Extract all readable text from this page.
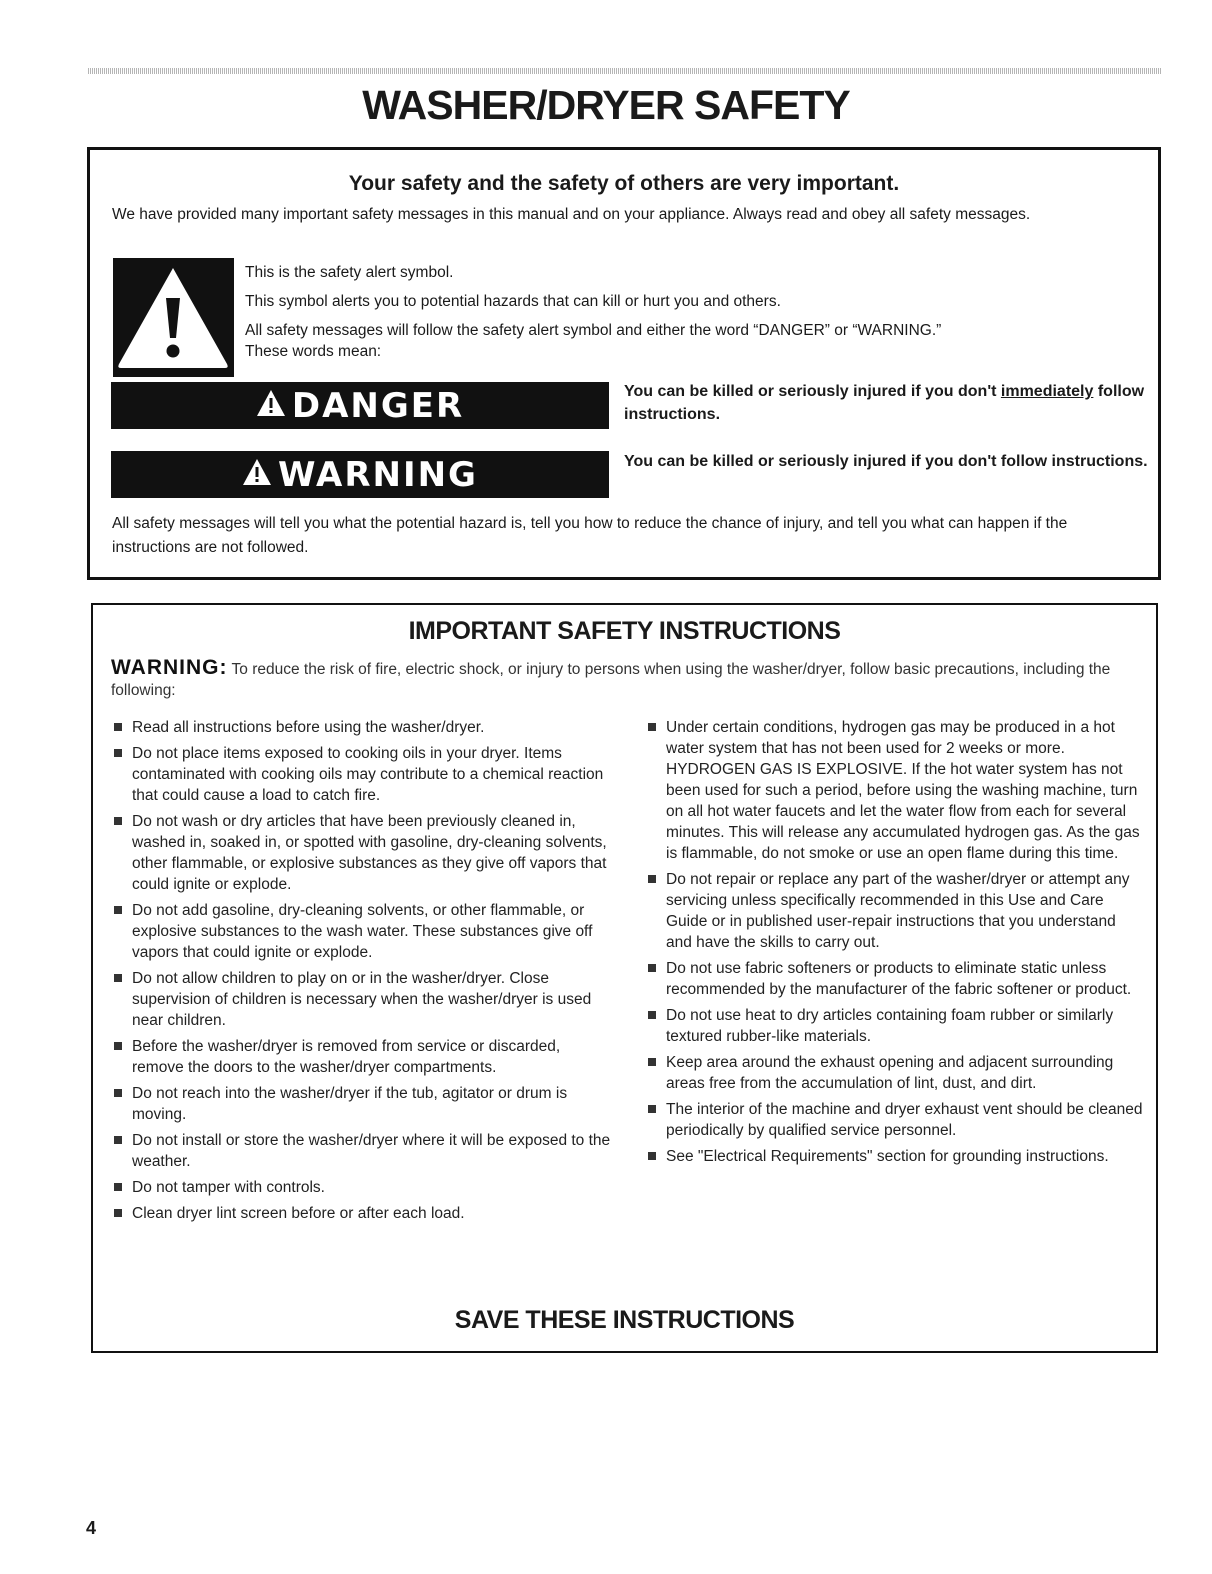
WASHER/DRYER SAFETY
Your safety and the safety of others are very important.

We have provided many important safety messages in this manual and on your appliance. Always read and obey all safety messages.

This is the safety alert symbol.

This symbol alerts you to potential hazards that can kill or hurt you and others.

All safety messages will follow the safety alert symbol and either the word “DANGER” or “WARNING.”

These words mean:

DANGER	You can be killed or seriously injured if you don't immediately follow instructions.

WARNING	You can be killed or seriously injured if you don't follow instructions.

All safety messages will tell you what the potential hazard is, tell you how to reduce the chance of injury, and tell you what can happen if the instructions are not followed.

IMPORTANT SAFETY INSTRUCTIONS

WARNING: To reduce the risk of fire, electric shock, or injury to persons when using the washer/dryer, follow basic precautions, including the following:

Read all instructions before using the washer/dryer.
Do not place items exposed to cooking oils in your dryer. Items contaminated with cooking oils may contribute to a chemical reaction that could cause a load to catch fire.
Do not wash or dry articles that have been previously cleaned in, washed in, soaked in, or spotted with gasoline, dry-cleaning solvents, other flammable, or explosive substances as they give off vapors that could ignite or explode.
Do not add gasoline, dry-cleaning solvents, or other flammable, or explosive substances to the wash water. These substances give off vapors that could ignite or explode.
Do not allow children to play on or in the washer/dryer. Close supervision of children is necessary when the washer/dryer is used near children.
Before the washer/dryer is removed from service or discarded, remove the doors to the washer/dryer compartments.
Do not reach into the washer/dryer if the tub, agitator or drum is moving.
Do not install or store the washer/dryer where it will be exposed to the weather.
Do not tamper with controls.
Clean dryer lint screen before or after each load.
Under certain conditions, hydrogen gas may be produced in a hot water system that has not been used for 2 weeks or more. HYDROGEN GAS IS EXPLOSIVE. If the hot water system has not been used for such a period, before using the washing machine, turn on all hot water faucets and let the water flow from each for several minutes. This will release any accumulated hydrogen gas. As the gas is flammable, do not smoke or use an open flame during this time.
Do not repair or replace any part of the washer/dryer or attempt any servicing unless specifically recommended in this Use and Care Guide or in published user-repair instructions that you understand and have the skills to carry out.
Do not use fabric softeners or products to eliminate static unless recommended by the manufacturer of the fabric softener or product.
Do not use heat to dry articles containing foam rubber or similarly textured rubber-like materials.
Keep area around the exhaust opening and adjacent surrounding areas free from the accumulation of lint, dust, and dirt.
The interior of the machine and dryer exhaust vent should be cleaned periodically by qualified service personnel.
See "Electrical Requirements" section for grounding instructions.
SAVE THESE INSTRUCTIONS
4
